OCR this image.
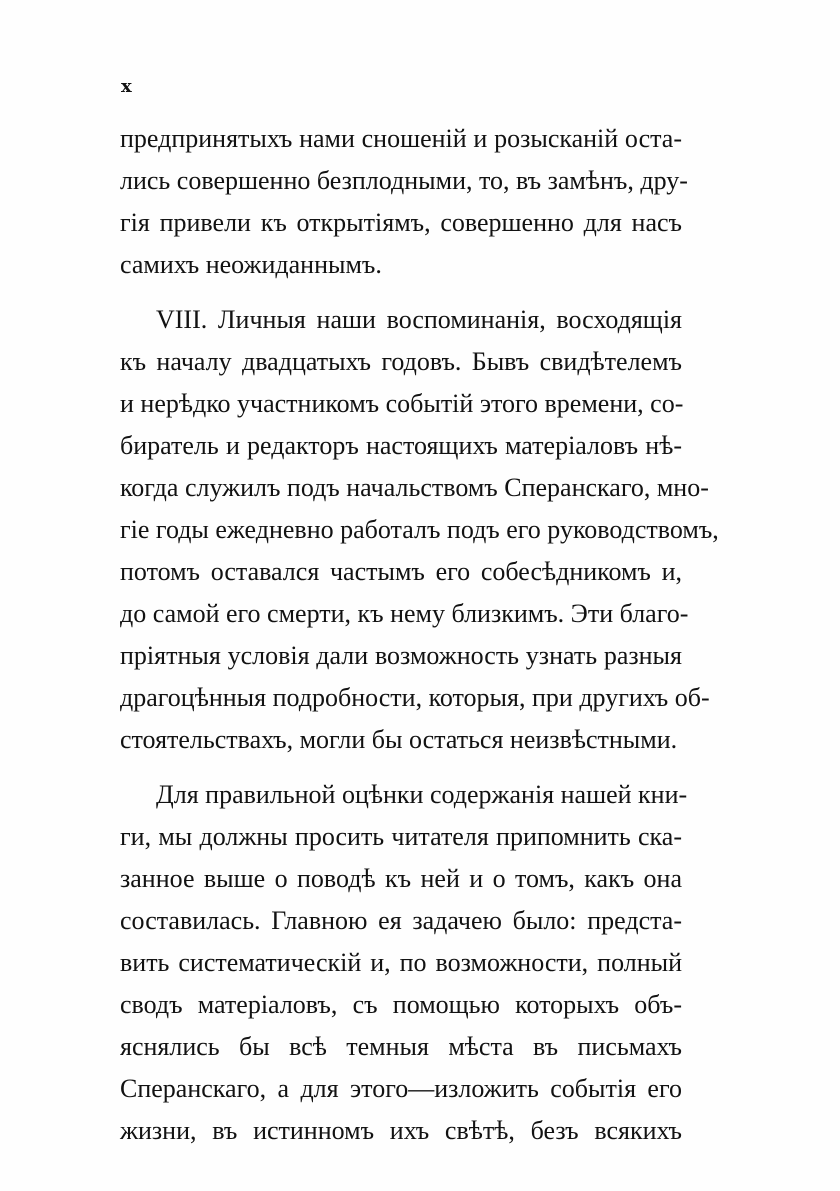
x
предпринятыхъ нами сношеній и розысканій оста-
лись совершенно безплодными, то, въ замѣнъ, дру-
гія привели къ открытіямъ, совершенно для насъ
самихъ неожиданнымъ.
VIII. Личныя наши воспоминанія, восходящія
къ началу двадцатыхъ годовъ. Бывъ свидѣтелемъ
и нерѣдко участникомъ событій этого времени, со-
биратель и редакторъ настоящихъ матеріаловъ нѣ-
когда служилъ подъ начальствомъ Сперанскаго, мно-
гіе годы ежедневно работалъ подъ его руководствомъ,
потомъ оставался частымъ его собесѣдникомъ и,
до самой его смерти, къ нему близкимъ. Эти благо-
пріятныя условія дали возможность узнать разныя
драгоцѣнныя подробности, которыя, при другихъ об-
стоятельствахъ, могли бы остаться неизвѣстными.
Для правильной оцѣнки содержанія нашей кни-
ги, мы должны просить читателя припомнить ска-
занное выше о поводѣ къ ней и о томъ, какъ она
составилась. Главною ея задачею было: предста-
вить систематическій и, по возможности, полный
сводъ матеріаловъ, съ помощью которыхъ объ-
яснялись бы всѣ темныя мѣста въ письмахъ
Сперанскаго, а для этого—изложить событія его
жизни, въ истинномъ ихъ свѣтѣ, безъ всякихъ
